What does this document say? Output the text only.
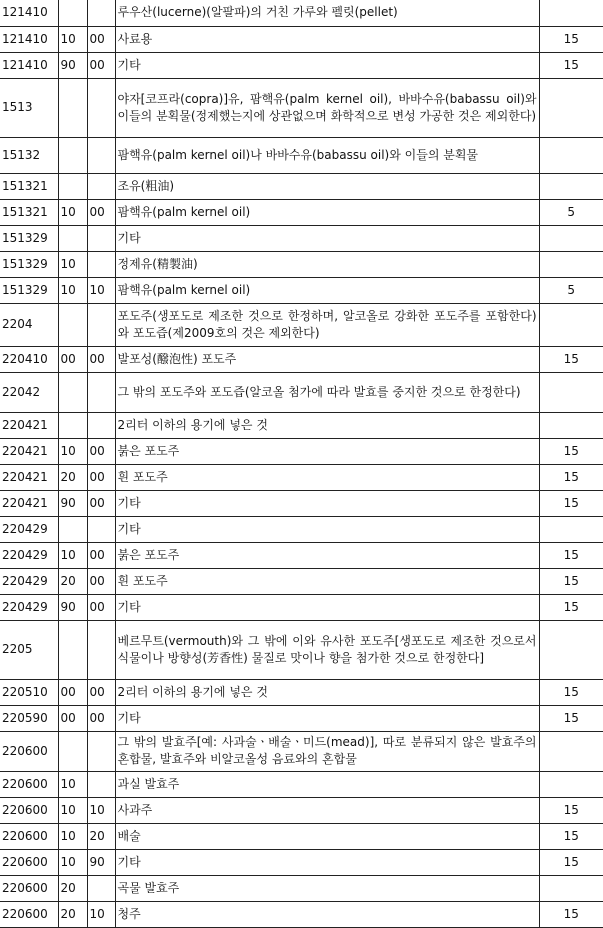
121410			루우산(lucerne)(알팔파)의 거친 가루와 펠릿(pellet)	
121410	10	00	사료용	15
121410	90	00	기타	15
1513			야자[코프라(copra)]유, 팜핵유(palm kernel oil), 바바수유(babassu oil)와 이들의 분획물(정제했는지에 상관없으며 화학적으로 변성 가공한 것은 제외한다)	
15132			팜핵유(palm kernel oil)나 바바수유(babassu oil)와 이들의 분획물	
151321			조유(粗油)	
151321	10	00	팜핵유(palm kernel oil)	5
151329			기타	
151329	10		정제유(精製油)	
151329	10	10	팜핵유(palm kernel oil)	5
2204			포도주(생포도로 제조한 것으로 한정하며, 알코올로 강화한 포도주를 포함한다)와 포도즙(제2009호의 것은 제외한다)	
220410	00	00	발포성(醱泡性) 포도주	15
22042			그 밖의 포도주와 포도즙(알코올 첨가에 따라 발효를 중지한 것으로 한정한다)	
220421			2리터 이하의 용기에 넣은 것	
220421	10	00	붉은 포도주	15
220421	20	00	흰 포도주	15
220421	90	00	기타	15
220429			기타	
220429	10	00	붉은 포도주	15
220429	20	00	흰 포도주	15
220429	90	00	기타	15
2205			베르무트(vermouth)와 그 밖에 이와 유사한 포도주[생포도로 제조한 것으로서 식물이나 방향성(芳香性) 물질로 맛이나 향을 첨가한 것으로 한정한다]	
220510	00	00	2리터 이하의 용기에 넣은 것	15
220590	00	00	기타	15
220600			그 밖의 발효주[예: 사과술ㆍ배술ㆍ미드(mead)], 따로 분류되지 않은 발효주의 혼합물, 발효주와 비알코올성 음료와의 혼합물	
220600	10		과실 발효주	
220600	10	10	사과주	15
220600	10	20	배술	15
220600	10	90	기타	15
220600	20		곡물 발효주	
220600	20	10	청주	15
